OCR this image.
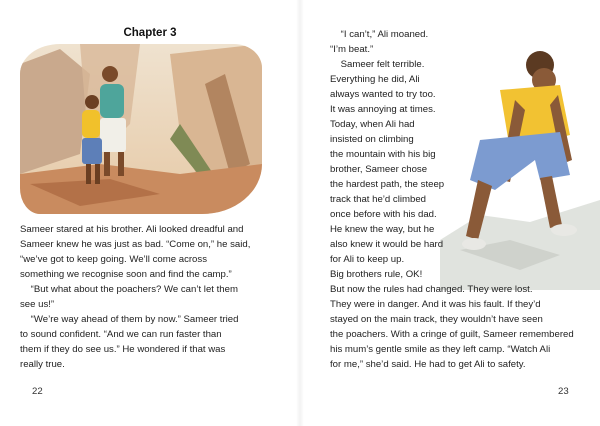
Chapter 3
Sameer stared at his brother. Ali looked dreadful and
Sameer knew he was just as bad. “Come on,” he said,
“we’ve got to keep going. We’ll come across
something we recognise soon and find the camp.”
“But what about the poachers? We can’t let them
see us!”
“We’re way ahead of them by now.” Sameer tried
to sound confident. “And we can run faster than
them if they do see us.” He wondered if that was
really true.
22
“I can’t,” Ali moaned.
“I’m beat.”
Sameer felt terrible.
Everything he did, Ali
always wanted to try too.
It was annoying at times.
Today, when Ali had
insisted on climbing
the mountain with his big
brother, Sameer chose
the hardest path, the steep
track that he’d climbed
once before with his dad.
He knew the way, but he
also knew it would be hard
for Ali to keep up.
Big brothers rule, OK!
But now the rules had changed. They were lost.
They were in danger. And it was his fault. If they’d
stayed on the main track, they wouldn’t have seen
the poachers. With a cringe of guilt, Sameer remembered
his mum’s gentle smile as they left camp. “Watch Ali
for me,” she’d said. He had to get Ali to safety.
23
